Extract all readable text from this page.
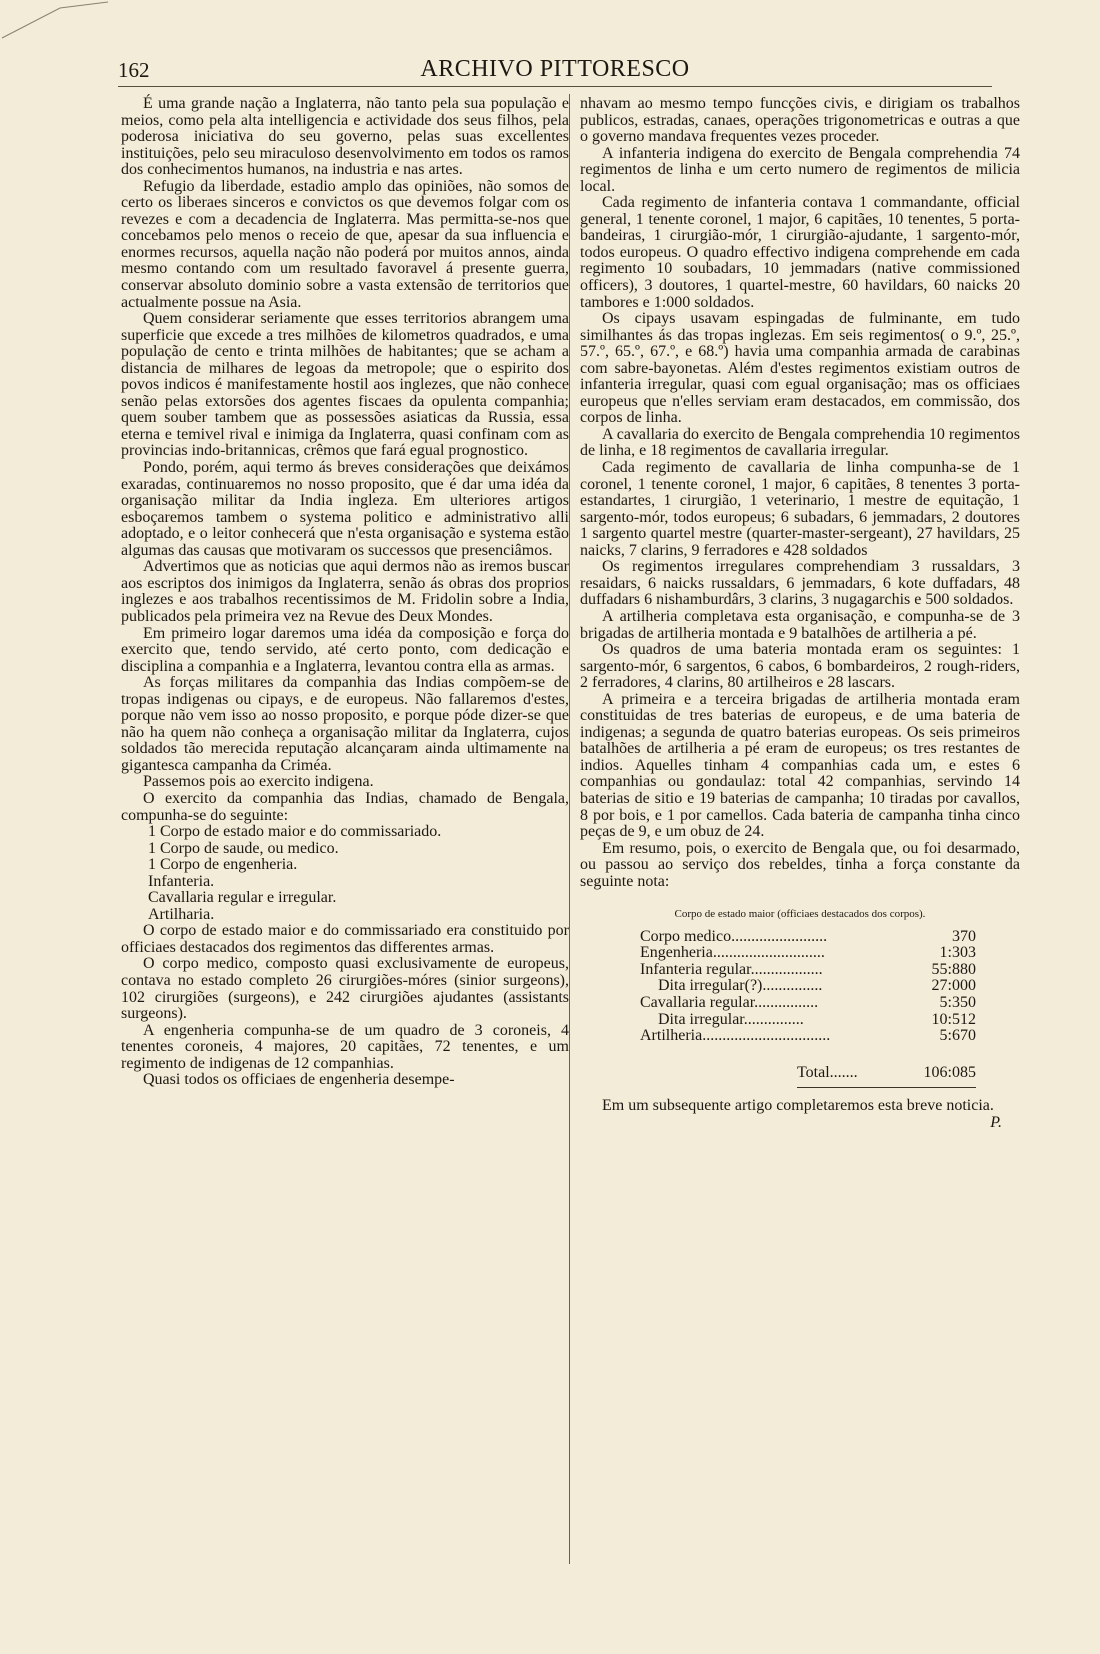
162	ARCHIVO PITTORESCO

É uma grande nação a Inglaterra, não tanto pela sua população e meios, como pela alta intelligencia e actividade dos seus filhos, pela poderosa iniciativa do seu governo, pelas suas excellentes instituições, pelo seu miraculoso desenvolvimento em todos os ramos dos conhecimentos humanos, na industria e nas artes.

Refugio da liberdade, estadio amplo das opiniões, não somos de certo os liberaes sinceros e convictos os que devemos folgar com os revezes e com a decadencia de Inglaterra. Mas permitta-se-nos que concebamos pelo menos o receio de que, apesar da sua influencia e enormes recursos, aquella nação não poderá por muitos annos, ainda mesmo contando com um resultado favoravel á presente guerra, conservar absoluto dominio sobre a vasta extensão de territorios que actualmente possue na Asia.

Quem considerar seriamente que esses territorios abrangem uma superficie que excede a tres milhões de kilometros quadrados, e uma população de cento e trinta milhões de habitantes; que se acham a distancia de milhares de legoas da metropole; que o espirito dos povos indicos é manifestamente hostil aos inglezes, que não conhece senão pelas extorsões dos agentes fiscaes da opulenta companhia; quem souber tambem que as possessões asiaticas da Russia, essa eterna e temivel rival e inimiga da Inglaterra, quasi confinam com as provincias indo-britannicas, crêmos que fará egual prognostico.

Pondo, porém, aqui termo ás breves considerações que deixámos exaradas, continuaremos no nosso proposito, que é dar uma idéa da organisação militar da India ingleza. Em ulteriores artigos esboçaremos tambem o systema politico e administrativo alli adoptado, e o leitor conhecerá que n'esta organisação e systema estão algumas das causas que motivaram os successos que presenciâmos.

Advertimos que as noticias que aqui dermos não as iremos buscar aos escriptos dos inimigos da Inglaterra, senão ás obras dos proprios inglezes e aos trabalhos recentissimos de M. Fridolin sobre a India, publicados pela primeira vez na Revue des Deux Mondes.

Em primeiro logar daremos uma idéa da composição e força do exercito que, tendo servido, até certo ponto, com dedicação e disciplina a companhia e a Inglaterra, levantou contra ella as armas.

As forças militares da companhia das Indias compõem-se de tropas indigenas ou cipays, e de europeus. Não fallaremos d'estes, porque não vem isso ao nosso proposito, e porque póde dizer-se que não ha quem não conheça a organisação militar da Inglaterra, cujos soldados tão merecida reputação alcançaram ainda ultimamente na gigantesca campanha da Criméa.

Passemos pois ao exercito indigena.

O exercito da companhia das Indias, chamado de Bengala, compunha-se do seguinte:

1 Corpo de estado maior e do commissariado.
1 Corpo de saude, ou medico.
1 Corpo de engenheria.
Infanteria.
Cavallaria regular e irregular.
Artilharia.

O corpo de estado maior e do commissariado era constituido por officiaes destacados dos regimentos das differentes armas.

O corpo medico, composto quasi exclusivamente de europeus, contava no estado completo 26 cirurgiões-móres (sinior surgeons), 102 cirurgiões (surgeons), e 242 cirurgiões ajudantes (assistants surgeons).

A engenheria compunha-se de um quadro de 3 coroneis, 4 tenentes coroneis, 4 majores, 20 capitães, 72 tenentes, e um regimento de indigenas de 12 companhias.

Quasi todos os officiaes de engenheria desempe-

nhavam ao mesmo tempo funcções civis, e dirigiam os trabalhos publicos, estradas, canaes, operações trigonometricas e outras a que o governo mandava frequentes vezes proceder.

A infanteria indigena do exercito de Bengala comprehendia 74 regimentos de linha e um certo numero de regimentos de milicia local.

Cada regimento de infanteria contava 1 commandante, official general, 1 tenente coronel, 1 major, 6 capitães, 10 tenentes, 5 porta-bandeiras, 1 cirurgião-mór, 1 cirurgião-ajudante, 1 sargento-mór, todos europeus. O quadro effectivo indigena comprehende em cada regimento 10 soubadars, 10 jemmadars (native commissioned officers), 3 doutores, 1 quartel-mestre, 60 havildars, 60 naicks 20 tambores e 1:000 soldados.

Os cipays usavam espingadas de fulminante, em tudo similhantes ás das tropas inglezas. Em seis regimentos( o 9.º, 25.º, 57.º, 65.º, 67.º, e 68.º) havia uma companhia armada de carabinas com sabre-bayonetas. Além d'estes regimentos existiam outros de infanteria irregular, quasi com egual organisação; mas os officiaes europeus que n'elles serviam eram destacados, em commissão, dos corpos de linha.

A cavallaria do exercito de Bengala comprehendia 10 regimentos de linha, e 18 regimentos de cavallaria irregular.

Cada regimento de cavallaria de linha compunha-se de 1 coronel, 1 tenente coronel, 1 major, 6 capitães, 8 tenentes 3 porta-estandartes, 1 cirurgião, 1 veterinario, 1 mestre de equitação, 1 sargento-mór, todos europeus; 6 subadars, 6 jemmadars, 2 doutores 1 sargento quartel mestre (quarter-master-sergeant), 27 havildars, 25 naicks, 7 clarins, 9 ferradores e 428 soldados

Os regimentos irregulares comprehendiam 3 russaldars, 3 resaidars, 6 naicks russaldars, 6 jemmadars, 6 kote duffadars, 48 duffadars 6 nishamburdârs, 3 clarins, 3 nugagarchis e 500 soldados.

A artilheria completava esta organisação, e compunha-se de 3 brigadas de artilheria montada e 9 batalhões de artilheria a pé.

Os quadros de uma bateria montada eram os seguintes: 1 sargento-mór, 6 sargentos, 6 cabos, 6 bombardeiros, 2 rough-riders, 2 ferradores, 4 clarins, 80 artilheiros e 28 lascars.

A primeira e a terceira brigadas de artilheria montada eram constituidas de tres baterias de europeus, e de uma bateria de indigenas; a segunda de quatro baterias europeas. Os seis primeiros batalhões de artilheria a pé eram de europeus; os tres restantes de indios. Aquelles tinham 4 companhias cada um, e estes 6 companhias ou gondaulaz: total 42 companhias, servindo 14 baterias de sitio e 19 baterias de campanha; 10 tiradas por cavallos, 8 por bois, e 1 por camellos. Cada bateria de campanha tinha cinco peças de 9, e um obuz de 24.

Em resumo, pois, o exercito de Bengala que, ou foi desarmado, ou passou ao serviço dos rebeldes, tinha a força constante da seguinte nota:

Corpo de estado maior (officiaes destacados dos corpos).
Corpo medico........................	370
Engenheria............................	1:303
Infanteria regular..................	55:880
Dita irregular(?)...............	27:000
Cavallaria regular................	5:350
Dita irregular...............	10:512
Artilheria................................	5:670
Total.......	106:085

Em um subsequente artigo completaremos esta breve noticia.
P.
